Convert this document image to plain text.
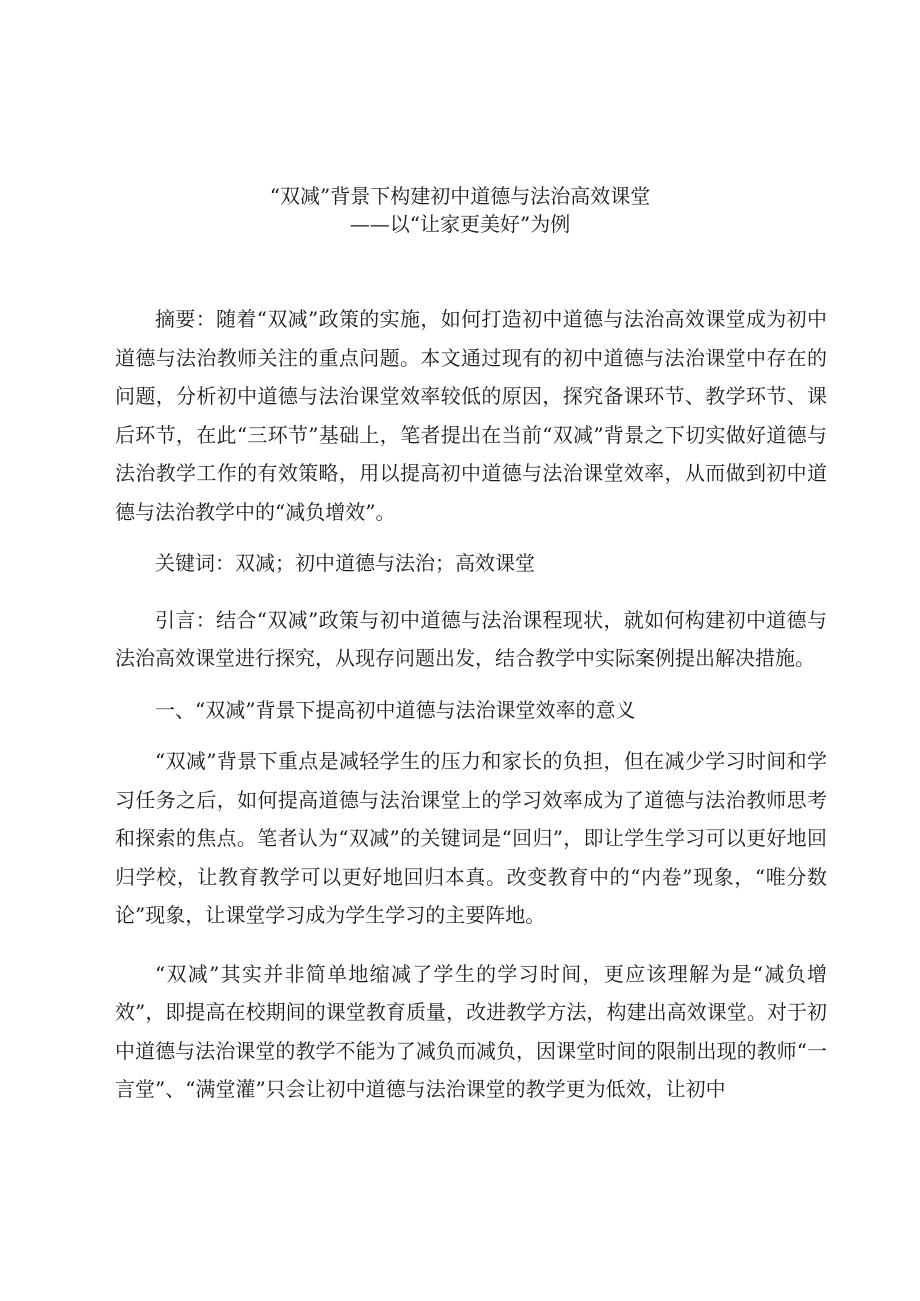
“双减”背景下构建初中道德与法治高效课堂
——以“让家更美好”为例

摘要：随着“双减”政策的实施，如何打造初中道德与法治高效课堂成为初中道德与法治教师关注的重点问题。本文通过现有的初中道德与法治课堂中存在的问题，分析初中道德与法治课堂效率较低的原因，探究备课环节、教学环节、课后环节，在此“三环节”基础上，笔者提出在当前“双减”背景之下切实做好道德与法治教学工作的有效策略，用以提高初中道德与法治课堂效率，从而做到初中道德与法治教学中的“减负增效”。

关键词：双减；初中道德与法治；高效课堂

引言：结合“双减”政策与初中道德与法治课程现状，就如何构建初中道德与法治高效课堂进行探究，从现存问题出发，结合教学中实际案例提出解决措施。

一、“双减”背景下提高初中道德与法治课堂效率的意义

“双减”背景下重点是减轻学生的压力和家长的负担，但在减少学习时间和学习任务之后，如何提高道德与法治课堂上的学习效率成为了道德与法治教师思考和探索的焦点。笔者认为“双减”的关键词是“回归”，即让学生学习可以更好地回归学校，让教育教学可以更好地回归本真。改变教育中的“内卷”现象，“唯分数论”现象，让课堂学习成为学生学习的主要阵地。

“双减”其实并非简单地缩减了学生的学习时间，更应该理解为是“减负增效”，即提高在校期间的课堂教育质量，改进教学方法，构建出高效课堂。对于初中道德与法治课堂的教学不能为了减负而减负，因课堂时间的限制出现的教师“一言堂”、“满堂灌”只会让初中道德与法治课堂的教学更为低效，让初中
